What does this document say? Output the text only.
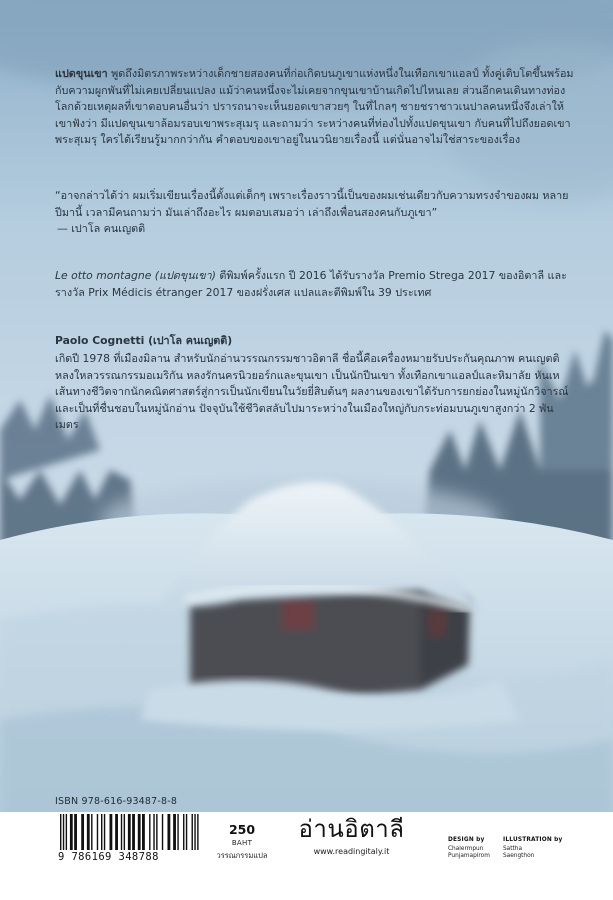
แปดขุนเขา พูดถึงมิตรภาพระหว่างเด็กชายสองคนที่ก่อเกิดบนภูเขาแห่งหนึ่งในเทือกเขาแอลป์ ทั้งคู่เติบโตขึ้นพร้อมกับความผูกพันที่ไม่เคยเปลี่ยนแปลง แม้ว่าคนหนึ่งจะไม่เคยจากขุนเขาบ้านเกิดไปไหนเลย ส่วนอีกคนเดินทางท่องโลกด้วยเหตุผลที่เขาตอบคนอื่นว่า ปรารถนาจะเห็นยอดเขาสวยๆ ในที่ไกลๆ ชายชราชาวเนปาลคนหนึ่งจึงเล่าให้เขาฟังว่า มีแปดขุนเขาล้อมรอบเขาพระสุเมรุ และถามว่า ระหว่างคนที่ท่องไปทั้งแปดขุนเขา กับคนที่ไปถึงยอดเขาพระสุเมรุ ใครได้เรียนรู้มากกว่ากัน คำตอบของเขาอยู่ในนวนิยายเรื่องนี้ แต่นั่นอาจไม่ใช่สาระของเรื่อง

“อาจกล่าวได้ว่า ผมเริ่มเขียนเรื่องนี้ตั้งแต่เด็กๆ เพราะเรื่องราวนี้เป็นของผมเช่นเดียวกับความทรงจำของผม หลายปีมานี้ เวลามีคนถามว่า มันเล่าถึงอะไร ผมตอบเสมอว่า เล่าถึงเพื่อนสองคนกับภูเขา”
— เปาโล คนเญตติ

Le otto montagne (แปดขุนเขา) ตีพิมพ์ครั้งแรก ปี 2016 ได้รับรางวัล Premio Strega 2017 ของอิตาลี และรางวัล Prix Médicis étranger 2017 ของฝรั่งเศส แปลและตีพิมพ์ใน 39 ประเทศ

Paolo Cognetti (เปาโล คนเญตติ)

เกิดปี 1978 ที่เมืองมิลาน สำหรับนักอ่านวรรณกรรมชาวอิตาลี ชื่อนี้คือเครื่องหมายรับประกันคุณภาพ คนเญตติหลงใหลวรรณกรรมอเมริกัน หลงรักนครนิวยอร์กและขุนเขา เป็นนักปีนเขา ทั้งเทือกเขาแอลป์และหิมาลัย หันเหเส้นทางชีวิตจากนักคณิตศาสตร์สู่การเป็นนักเขียนในวัยยี่สิบต้นๆ ผลงานของเขาได้รับการยกย่องในหมู่นักวิจารณ์ และเป็นที่ชื่นชอบในหมู่นักอ่าน ปัจจุบันใช้ชีวิตสลับไปมาระหว่างในเมืองใหญ่กับกระท่อมบนภูเขาสูงกว่า 2 พันเมตร

ISBN 978-616-93487-8-8
9 786169 348788
250
BAHT
วรรณกรรมแปล
อ่านอิตาลี
www.readingitaly.it
DESIGN by
Chalermpun
Punjamapirom
ILLUSTRATION by
Sattha
Saengthon
